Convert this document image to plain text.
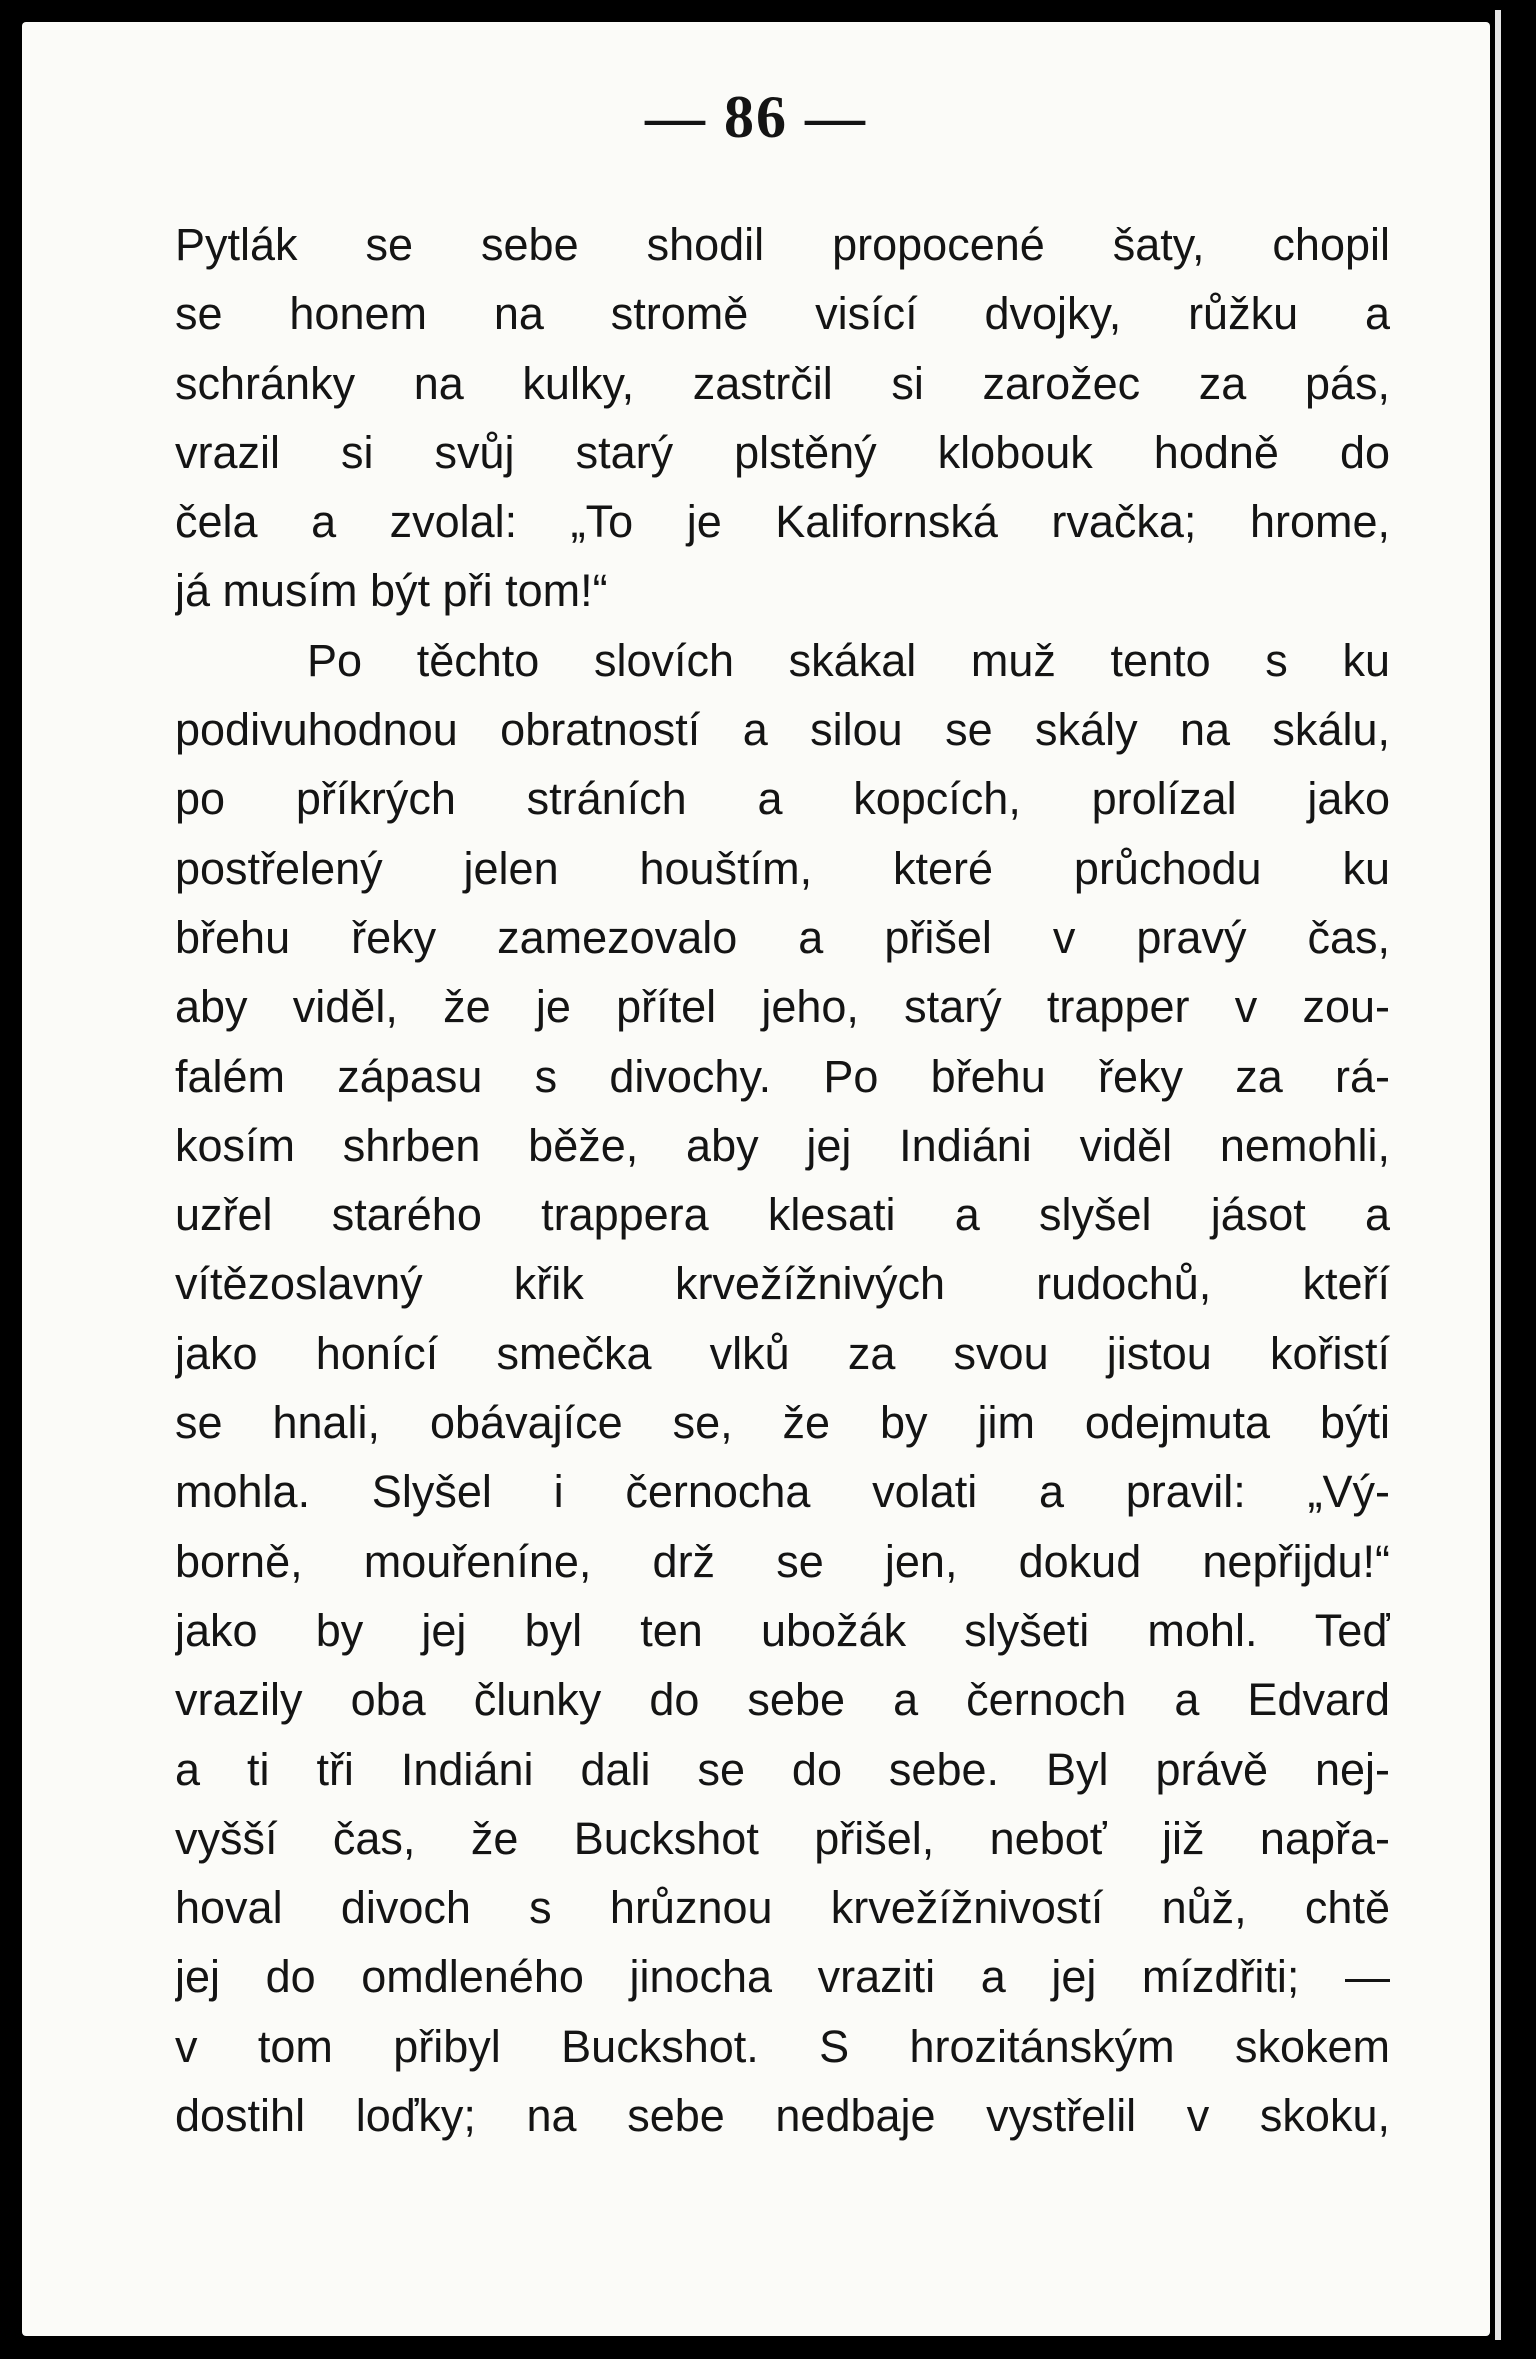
— 86 —
Pytlák se sebe shodil propocené šaty, chopil
se honem na stromě visící dvojky, růžku a
schránky na kulky, zastrčil si zarožec za pás,
vrazil si svůj starý plstěný klobouk hodně do
čela a zvolal: „To je Kalifornská rvačka; hrome,
já musím být při tom!“
Po těchto slovích skákal muž tento s ku
podivuhodnou obratností a silou se skály na skálu,
po příkrých stráních a kopcích, prolízal jako
postřelený jelen houštím, které průchodu ku
břehu řeky zamezovalo a přišel v pravý čas,
aby viděl, že je přítel jeho, starý trapper v zou-
falém zápasu s divochy. Po břehu řeky za rá-
kosím shrben běže, aby jej Indiáni viděl nemohli,
uzřel starého trappera klesati a slyšel jásot a
vítězoslavný křik krvežížnivých rudochů, kteří
jako honící smečka vlků za svou jistou kořistí
se hnali, obávajíce se, že by jim odejmuta býti
mohla. Slyšel i černocha volati a pravil: „Vý-
borně, mouřeníne, drž se jen, dokud nepřijdu!“
jako by jej byl ten ubožák slyšeti mohl. Teď
vrazily oba člunky do sebe a černoch a Edvard
a ti tři Indiáni dali se do sebe. Byl právě nej-
vyšší čas, že Buckshot přišel, neboť již napřa-
hoval divoch s hrůznou krvežížnivostí nůž, chtě
jej do omdleného jinocha vraziti a jej mízdřiti; —
v tom přibyl Buckshot. S hrozitánským skokem
dostihl loďky; na sebe nedbaje vystřelil v skoku,
